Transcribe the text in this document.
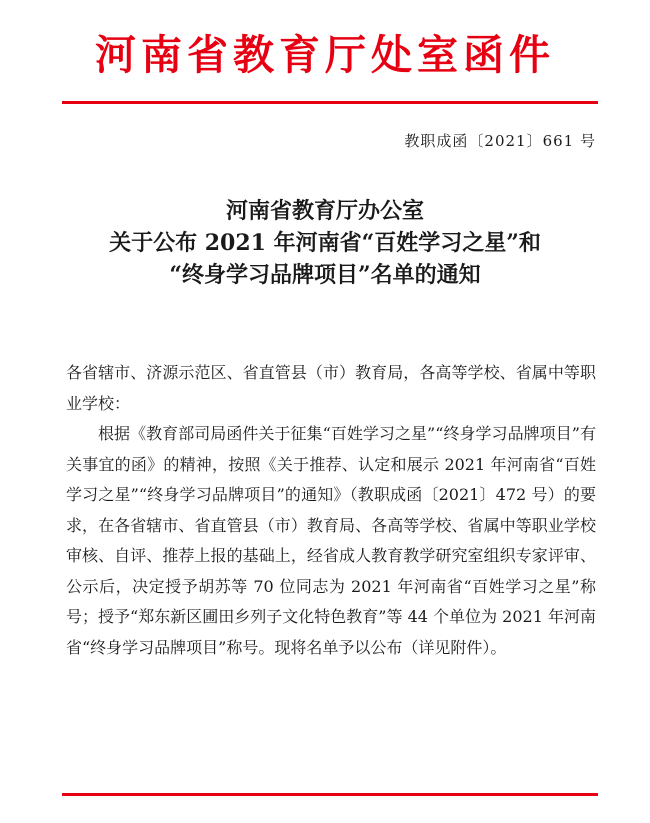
河南省教育厅处室函件
教职成函〔2021〕661 号
河南省教育厅办公室
关于公布 2021 年河南省“百姓学习之星”和
“终身学习品牌项目”名单的通知

各省辖市、济源示范区、省直管县（市）教育局，各高等学校、省属中等职业学校：

根据《教育部司局函件关于征集“百姓学习之星”“终身学习品牌项目”有关事宜的函》的精神，按照《关于推荐、认定和展示 2021 年河南省“百姓学习之星”“终身学习品牌项目”的通知》（教职成函〔2021〕472 号）的要求，在各省辖市、省直管县（市）教育局、各高等学校、省属中等职业学校审核、自评、推荐上报的基础上，经省成人教育教学研究室组织专家评审、公示后，决定授予胡苏等 70 位同志为 2021 年河南省“百姓学习之星”称号；授予“郑东新区圃田乡列子文化特色教育”等 44 个单位为 2021 年河南省“终身学习品牌项目”称号。现将名单予以公布（详见附件）。
